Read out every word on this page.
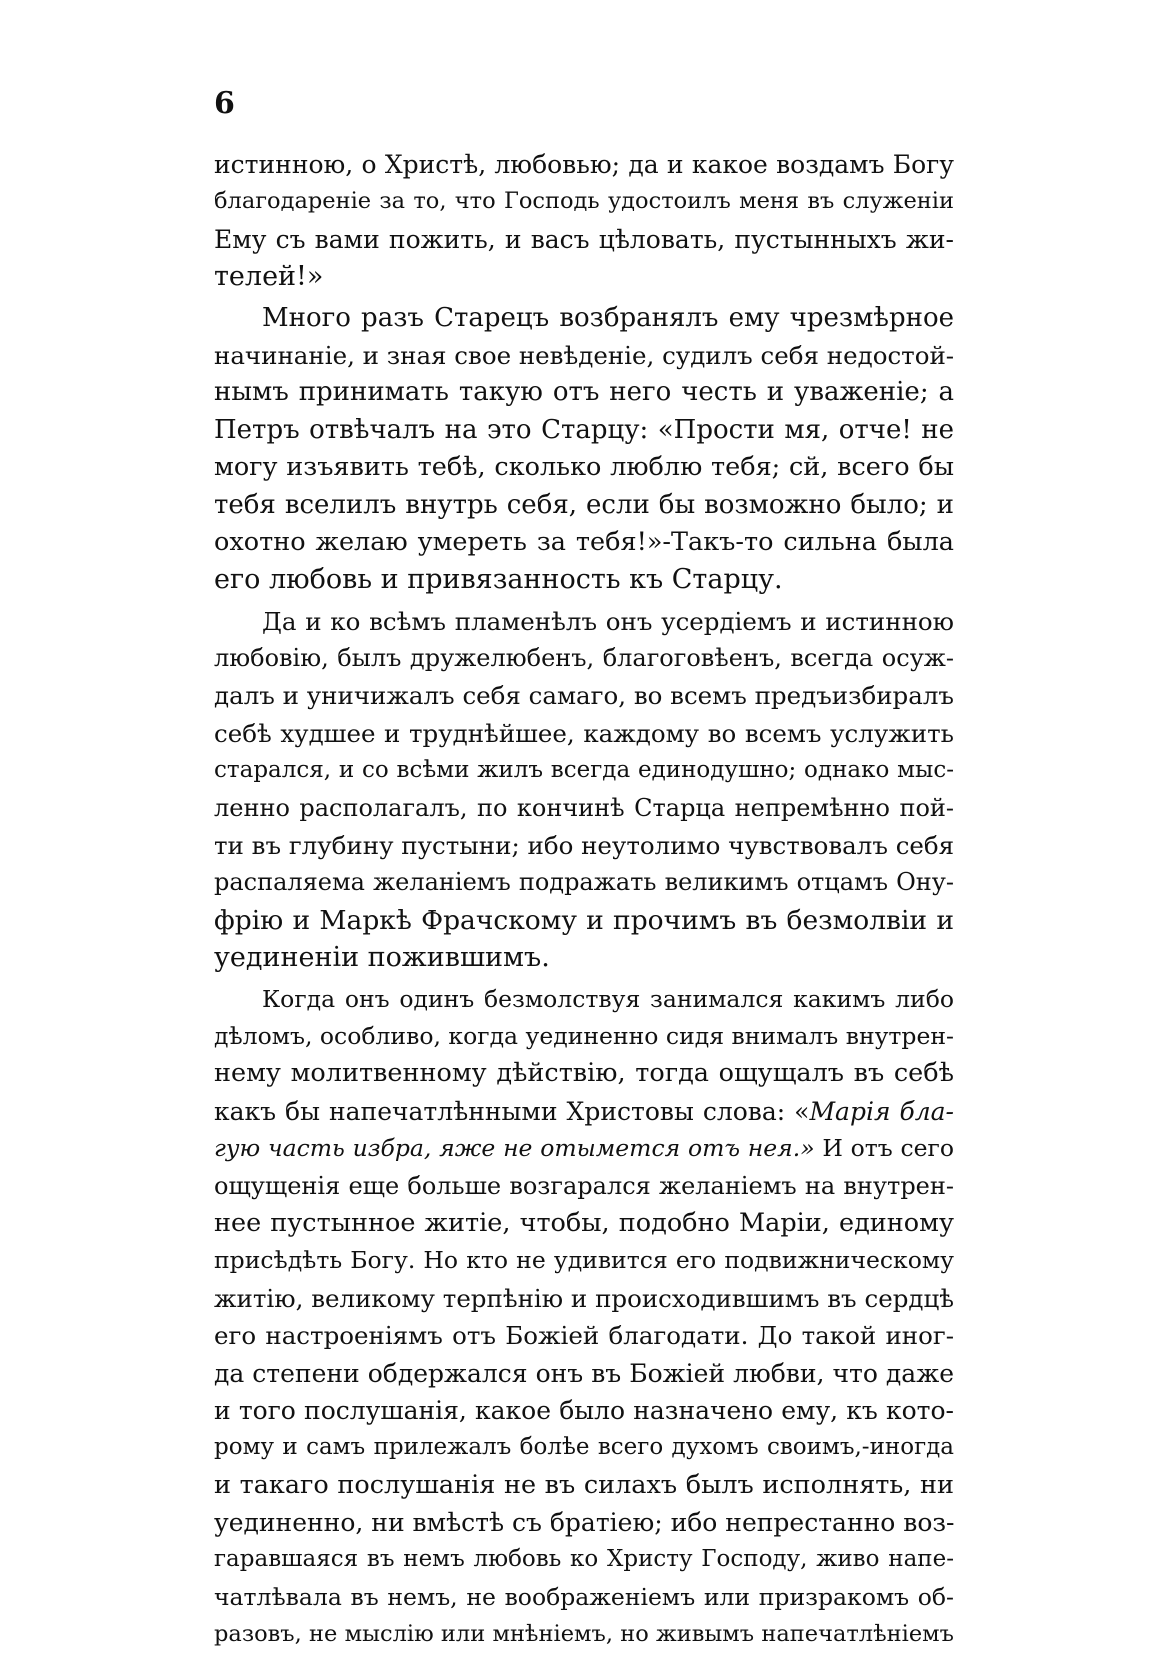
6
истинною, о Христѣ, любовью; да и какое воздамъ Богу
благодареніе за то, что Господь удостоилъ меня въ служеніи
Ему съ вами пожить, и васъ цѣловать, пустынныхъ жи-
телей!»
Много разъ Старецъ возбранялъ ему чрезмѣрное
начинаніе, и зная свое невѣденіе, судилъ себя недостой-
нымъ принимать такую отъ него честь и уваженіе; а
Петръ отвѣчалъ на это Старцу: «Прости мя, отче! не
могу изъявить тебѣ, сколько люблю тебя; сй, всего бы
тебя вселилъ внутрь себя, если бы возможно было; и
охотно желаю умереть за тебя!»-Такъ-то сильна была
его любовь и привязанность къ Старцу.
Да и ко всѣмъ пламенѣлъ онъ усердіемъ и истинною
любовію, былъ дружелюбенъ, благоговѣенъ, всегда осуж-
далъ и уничижалъ себя самаго, во всемъ предъизбиралъ
себѣ худшее и труднѣйшее, каждому во всемъ услужить
старался, и со всѣми жилъ всегда единодушно; однако мыс-
ленно располагалъ, по кончинѣ Старца непремѣнно пой-
ти въ глубину пустыни; ибо неутолимо чувствовалъ себя
распаляема желаніемъ подражать великимъ отцамъ Ону-
фрію и Маркѣ Фрачскому и прочимъ въ безмолвіи и
уединеніи пожившимъ.
Когда онъ одинъ безмолствуя занимался какимъ либо
дѣломъ, особливо, когда уединенно сидя внималъ внутрен-
нему молитвенному дѣйствію, тогда ощущалъ въ себѣ
какъ бы напечатлѣнными Христовы слова: «Марія бла-
гую часть избра, яже не отымется отъ нея.» И отъ сего
ощущенія еще больше возгарался желаніемъ на внутрен-
нее пустынное житіе, чтобы, подобно Маріи, единому
присѣдѣть Богу. Но кто не удивится его подвижническому
житію, великому терпѣнію и происходившимъ въ сердцѣ
его настроеніямъ отъ Божіей благодати. До такой иног-
да степени обдержался онъ въ Божіей любви, что даже
и того послушанія, какое было назначено ему, къ кото-
рому и самъ прилежалъ болѣе всего духомъ своимъ,-иногда
и такаго послушанія не въ силахъ былъ исполнять, ни
уединенно, ни вмѣстѣ съ братіею; ибо непрестанно воз-
гаравшаяся въ немъ любовь ко Христу Господу, живо напе-
чатлѣвала въ немъ, не воображеніемъ или призракомъ об-
разовъ, не мыслію или мнѣніемъ, но живымъ напечатлѣніемъ
